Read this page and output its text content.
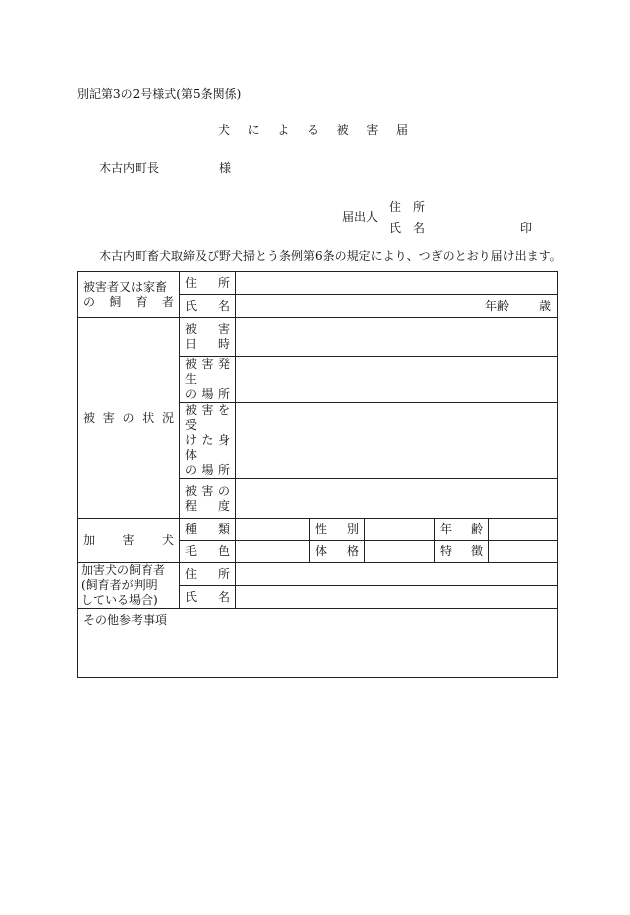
別記第3の2号様式(第5条関係)
犬 に よ る 被 害 届
木古内町長	様
届出人
住 所
氏 名	印
木古内町畜犬取締及び野犬掃とう条例第6条の規定により、つぎのとおり届け出ます。
被害者又は家畜
の 飼 育 者	住 所					

	氏 名	年齢 歳				

被 害 の 状 況	被 害
日 時					

	被害発生
の 場 所					

	被害を受
けた身体
の 場 所					

	被 害 の
程 度					

加 害 犬	種 類		性 別		年 齢	

	毛 色		体 格		特 徴	

加害犬の飼育者
(飼育者が判明
している場合)	住 所					

	氏 名					

その他参考事項						
